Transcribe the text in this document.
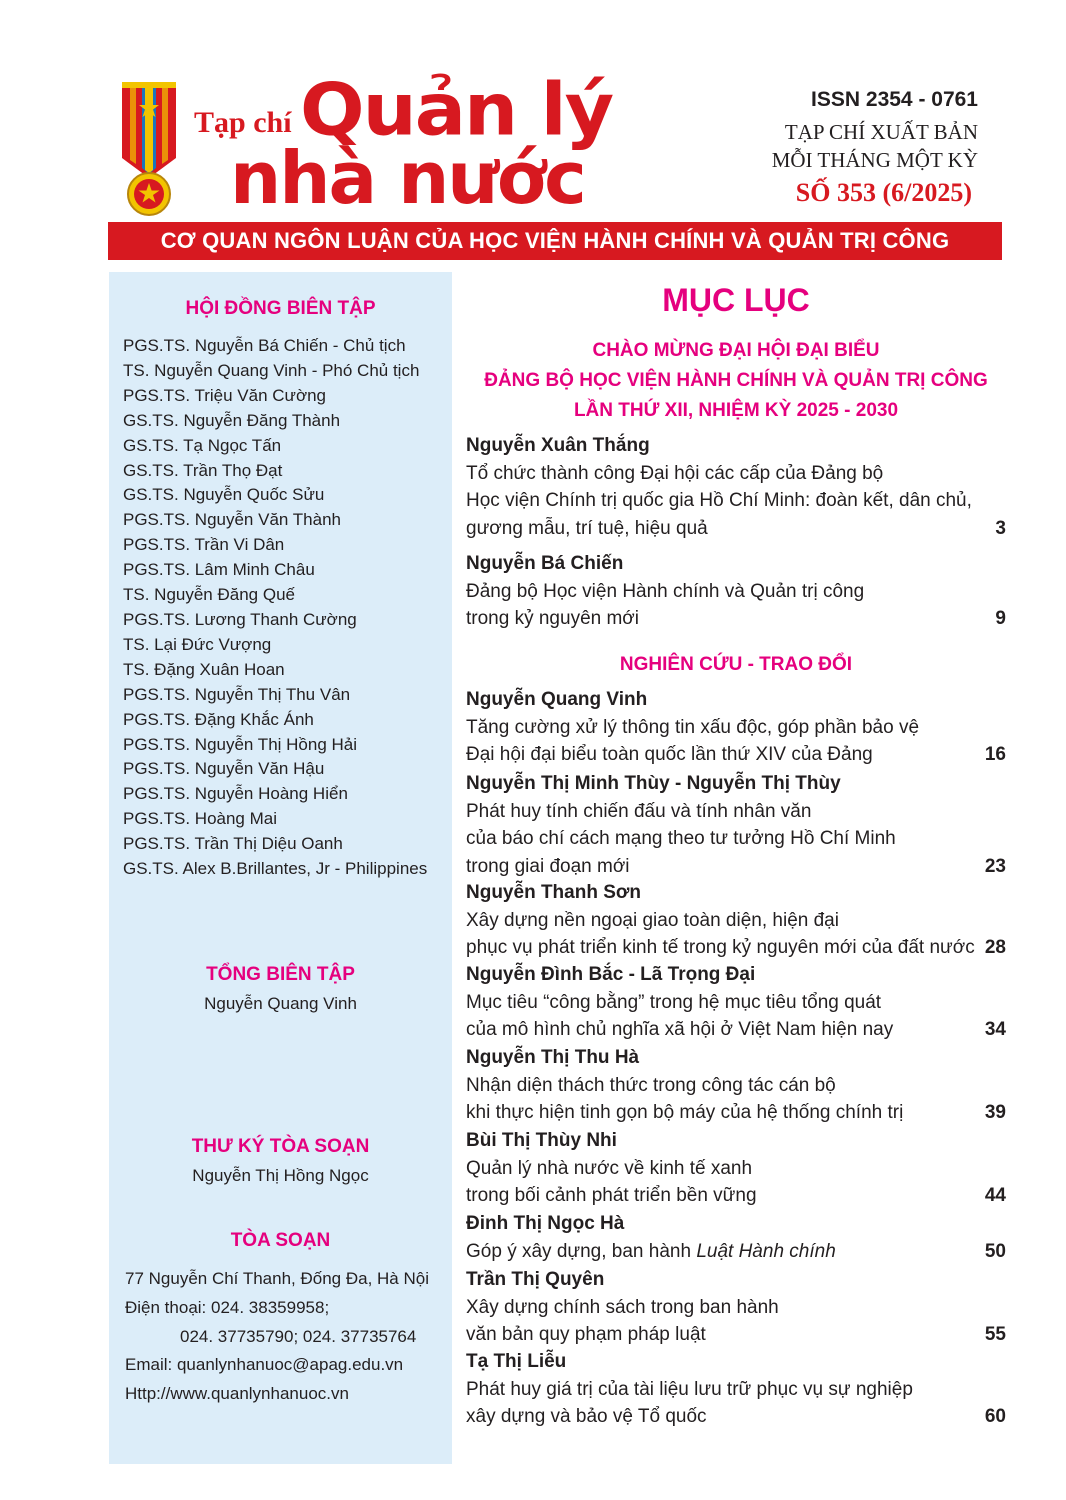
Tạp chí Quản lý
nhà nước
ISSN 2354 - 0761
TẠP CHÍ XUẤT BẢN
MỖI THÁNG MỘT KỲ
SỐ 353 (6/2025)
CƠ QUAN NGÔN LUẬN CỦA HỌC VIỆN HÀNH CHÍNH VÀ QUẢN TRỊ CÔNG
HỘI ĐỒNG BIÊN TẬP
PGS.TS. Nguyễn Bá Chiến - Chủ tịch
TS. Nguyễn Quang Vinh - Phó Chủ tịch
PGS.TS. Triệu Văn Cường
GS.TS. Nguyễn Đăng Thành
GS.TS. Tạ Ngọc Tấn
GS.TS. Trần Thọ Đạt
GS.TS. Nguyễn Quốc Sửu
PGS.TS. Nguyễn Văn Thành
PGS.TS. Trần Vi Dân
PGS.TS. Lâm Minh Châu
TS. Nguyễn Đăng Quế
PGS.TS. Lương Thanh Cường
TS. Lại Đức Vượng
TS. Đặng Xuân Hoan
PGS.TS. Nguyễn Thị Thu Vân
PGS.TS. Đặng Khắc Ánh
PGS.TS. Nguyễn Thị Hồng Hải
PGS.TS. Nguyễn Văn Hậu
PGS.TS. Nguyễn Hoàng Hiển
PGS.TS. Hoàng Mai
PGS.TS. Trần Thị Diệu Oanh
GS.TS. Alex B.Brillantes, Jr - Philippines
TỔNG BIÊN TẬP
Nguyễn Quang Vinh
THƯ KÝ TÒA SOẠN
Nguyễn Thị Hồng Ngọc
TÒA SOẠN
77 Nguyễn Chí Thanh, Đống Đa, Hà Nội
Điện thoại: 024. 38359958;
024. 37735790; 024. 37735764
Email: quanlynhanuoc@apag.edu.vn
Http://www.quanlynhanuoc.vn
MỤC LỤC
CHÀO MỪNG ĐẠI HỘI ĐẠI BIỂU
ĐẢNG BỘ HỌC VIỆN HÀNH CHÍNH VÀ QUẢN TRỊ CÔNG
LẦN THỨ XII, NHIỆM KỲ 2025 - 2030
NGHIÊN CỨU - TRAO ĐỔI
Nguyễn Xuân Thắng
Tổ chức thành công Đại hội các cấp của Đảng bộ
Học viện Chính trị quốc gia Hồ Chí Minh: đoàn kết, dân chủ,
gương mẫu, trí tuệ, hiệu quả	3
Nguyễn Bá Chiến
Đảng bộ Học viện Hành chính và Quản trị công
trong kỷ nguyên mới	9
Nguyễn Quang Vinh
Tăng cường xử lý thông tin xấu độc, góp phần bảo vệ
Đại hội đại biểu toàn quốc lần thứ XIV của Đảng	16
Nguyễn Thị Minh Thùy - Nguyễn Thị Thùy
Phát huy tính chiến đấu và tính nhân văn
của báo chí cách mạng theo tư tưởng Hồ Chí Minh
trong giai đoạn mới	23
Nguyễn Thanh Sơn
Xây dựng nền ngoại giao toàn diện, hiện đại
phục vụ phát triển kinh tế trong kỷ nguyên mới của đất nước 28
Nguyễn Đình Bắc - Lã Trọng Đại
Mục tiêu “công bằng” trong hệ mục tiêu tổng quát
của mô hình chủ nghĩa xã hội ở Việt Nam hiện nay	34
Nguyễn Thị Thu Hà
Nhận diện thách thức trong công tác cán bộ
khi thực hiện tinh gọn bộ máy của hệ thống chính trị	39
Bùi Thị Thùy Nhi
Quản lý nhà nước về kinh tế xanh
trong bối cảnh phát triển bền vững	44
Đinh Thị Ngọc Hà
Góp ý xây dựng, ban hành Luật Hành chính	50
Trần Thị Quyên
Xây dựng chính sách trong ban hành
văn bản quy phạm pháp luật	55
Tạ Thị Liễu
Phát huy giá trị của tài liệu lưu trữ phục vụ sự nghiệp
xây dựng và bảo vệ Tổ quốc	60
